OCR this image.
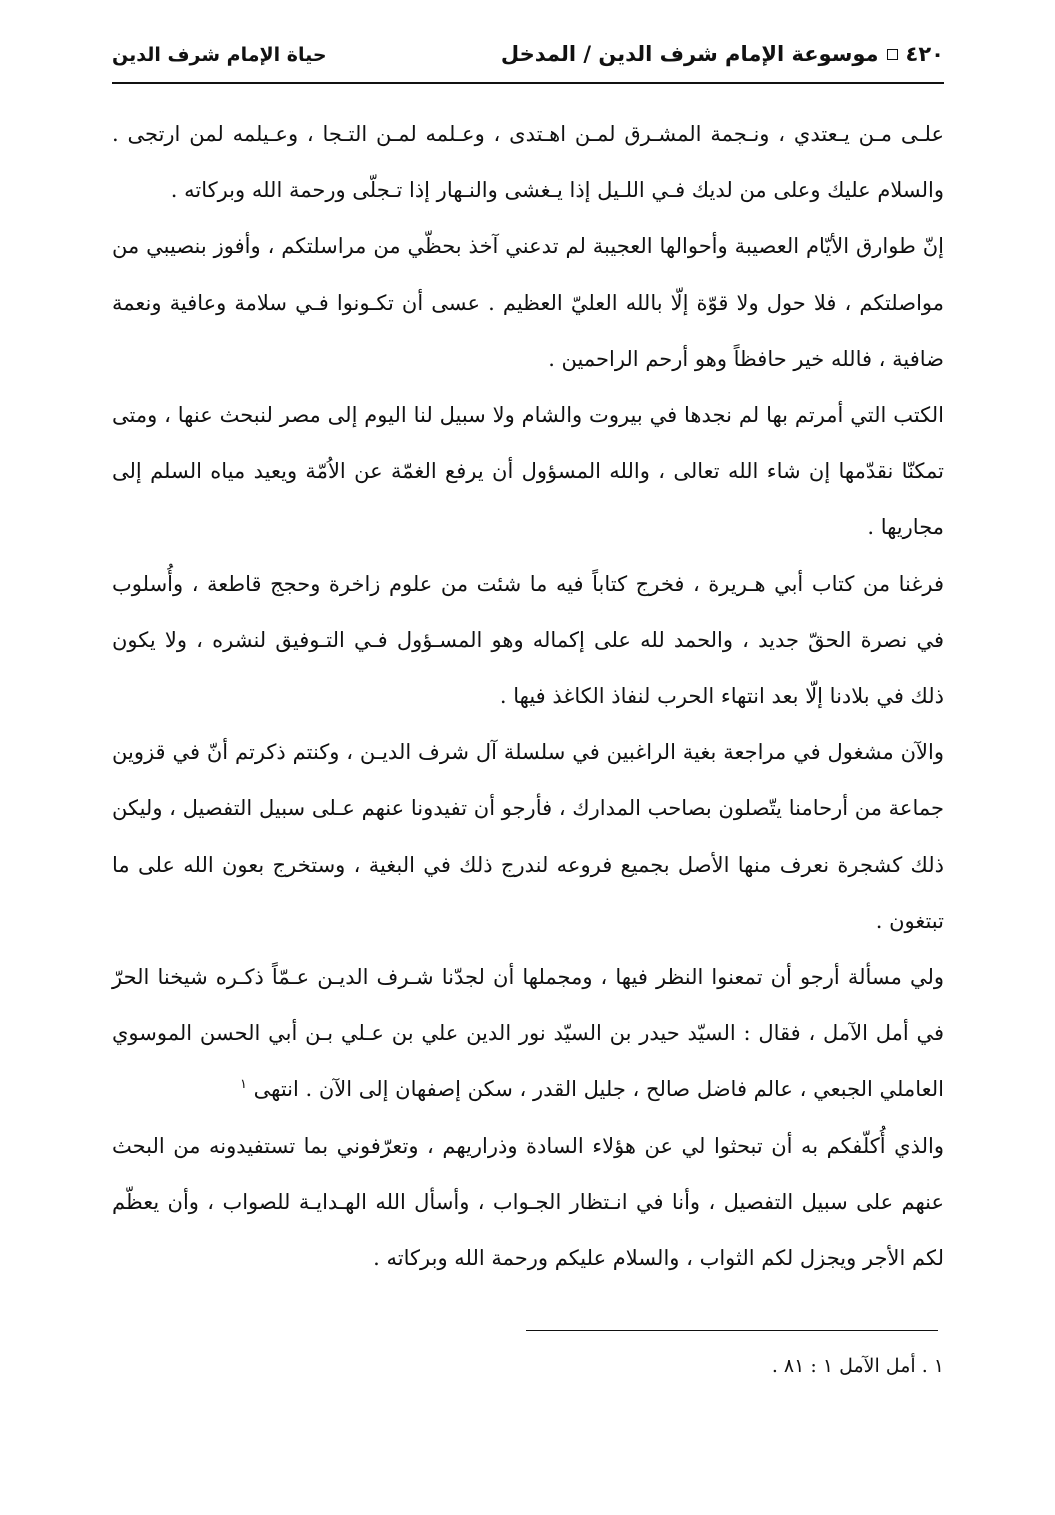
٤٢٠
موسوعة الإمام شرف الدين / المدخل
حياة الإمام شرف الدين

علـى مـن يـعتدي ، ونـجمة المشـرق لمـن اهـتدى ، وعـلمه لمـن التـجا ، وعـيلمه لمن ارتجى . والسلام عليك وعلى من لديك فـي اللـيل إذا يـغشى والنـهار إذا تـجلّى ورحمة الله وبركاته .

إنّ طوارق الأيّام العصيبة وأحوالها العجيبة لم تدعني آخذ بحظّي من مراسلتكم ، وأفوز بنصيبي من مواصلتكم ، فلا حول ولا قوّة إلّا بالله العليّ العظيم . عسى أن تكـونوا فـي سلامة وعافية ونعمة ضافية ، فالله خير حافظاً وهو أرحم الراحمين .

الكتب التي أمرتم بها لم نجدها في بيروت والشام ولا سبيل لنا اليوم إلى مصر لنبحث عنها ، ومتى تمكنّا نقدّمها إن شاء الله تعالى ، والله المسؤول أن يرفع الغمّة عن الاُمّة ويعيد مياه السلم إلى مجاريها .

فرغنا من كتاب أبي هـريرة ، فخرج كتاباً فيه ما شئت من علوم زاخرة وحجج قاطعة ، وأُسلوب في نصرة الحقّ جديد ، والحمد لله على إكماله وهو المسـؤول فـي التـوفيق لنشره ، ولا يكون ذلك في بلادنا إلّا بعد انتهاء الحرب لنفاذ الكاغذ فيها .

والآن مشغول في مراجعة بغية الراغبين في سلسلة آل شرف الديـن ، وكنتم ذكرتم أنّ في قزوين جماعة من أرحامنا يتّصلون بصاحب المدارك ، فأرجو أن تفيدونا عنهم عـلى سبيل التفصيل ، وليكن ذلك كشجرة نعرف منها الأصل بجميع فروعه لندرج ذلك في البغية ، وستخرج بعون الله على ما تبتغون .

ولي مسألة أرجو أن تمعنوا النظر فيها ، ومجملها أن لجدّنا شـرف الديـن عـمّاً ذكـره شيخنا الحرّ في أمل الآمل ، فقال : السيّد حيدر بن السيّد نور الدين علي بن عـلي بـن أبي الحسن الموسوي العاملي الجبعي ، عالم فاضل صالح ، جليل القدر ، سكن إصفهان إلى الآن . انتهى $^١$

والذي أُكلّفكم به أن تبحثوا لي عن هؤلاء السادة وذراريهم ، وتعرّفوني بما تستفيدونه من البحث عنهم على سبيل التفصيل ، وأنا في انـتظار الجـواب ، وأسأل الله الهـدايـة للصواب ، وأن يعظّم لكم الأجر ويجزل لكم الثواب ، والسلام عليكم ورحمة الله وبركاته .

١ . أمل الآمل ١ : ٨١ .
